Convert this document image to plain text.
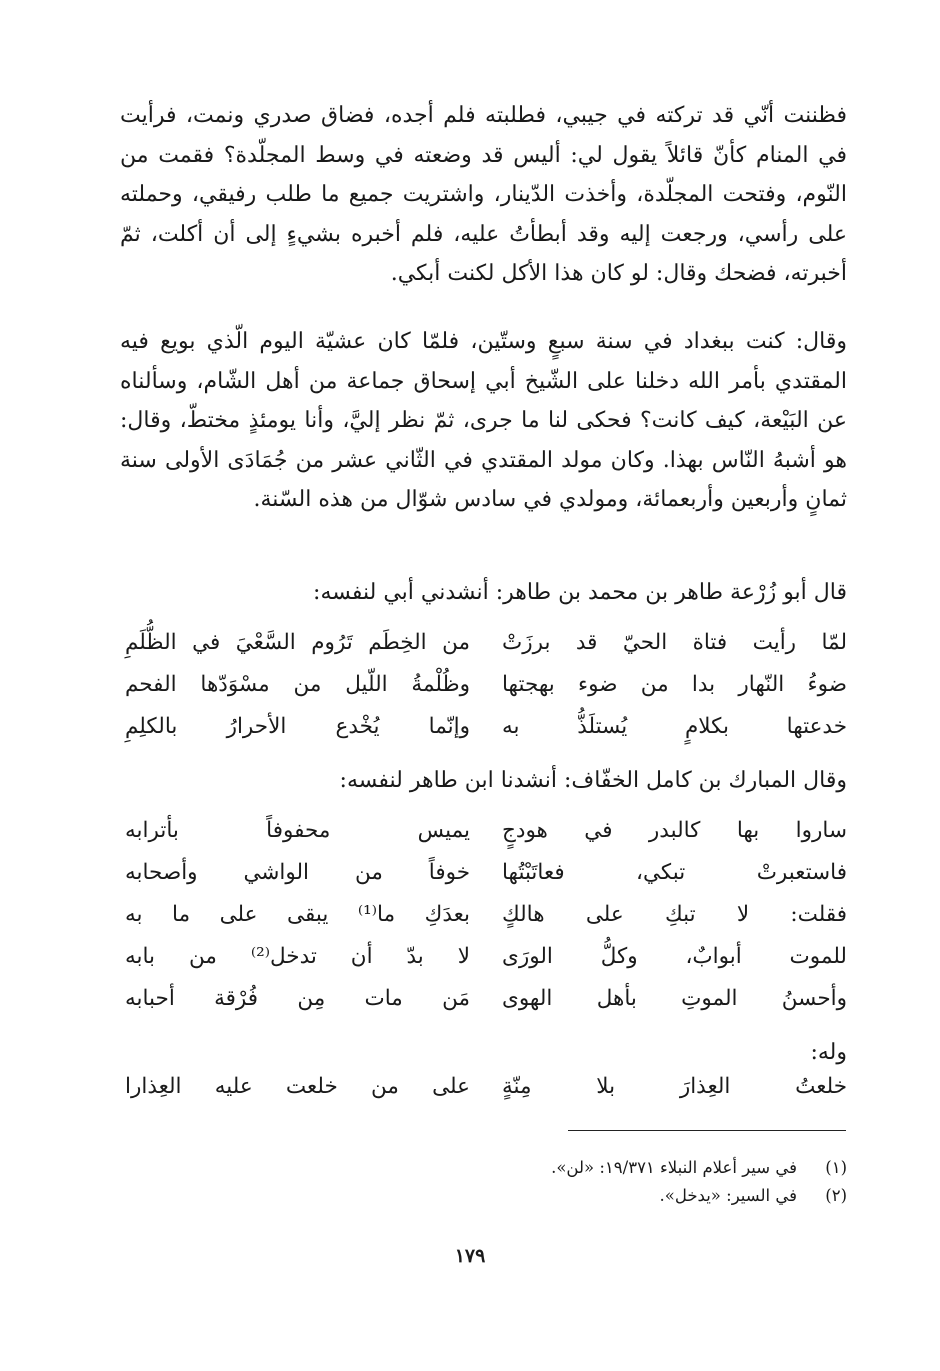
فظننت أنّي قد تركته في جيبي، فطلبته فلم أجده، فضاق صدري ونمت، فرأيت في المنام كأنّ قائلاً يقول لي: أليس قد وضعته في وسط المجلّدة؟ فقمت من النّوم، وفتحت المجلّدة، وأخذت الدّينار، واشتريت جميع ما طلب رفيقي، وحملته على رأسي، ورجعت إليه وقد أبطأتُ عليه، فلم أخبره بشيءٍ إلى أن أكلت، ثمّ أخبرته، فضحك وقال: لو كان هذا الأكل لكنت أبكي.

وقال: كنت ببغداد في سنة سبعٍ وستّين، فلمّا كان عشيّة اليوم الّذي بويع فيه المقتدي بأمر الله دخلنا على الشّيخ أبي إسحاق جماعة من أهل الشّام، وسألناه عن البَيْعة، كيف كانت؟ فحكى لنا ما جرى، ثمّ نظر إليَّ، وأنا يومئذٍ مختطّ، وقال: هو أشبهُ النّاس بهذا. وكان مولد المقتدي في الثّاني عشر من جُمَادَى الأولى سنة ثمانٍ وأربعين وأربعمائة، ومولدي في سادس شوّال من هذه السّنة.

قال أبو زُرْعة طاهر بن محمد بن طاهر: أنشدني أبي لنفسه:
لمّا رأيت فتاة الحيّ قد برزَتْ
من الخِطَم تَرُوم السَّعْيَ في الظُّلَمِ
ضوءُ النّهار بدا من ضوء بهجتها
وظُلْمةُ اللّيل من مسْوَدّها الفحم
خدعتها بكلامٍ يُستلَذُّ به
وإنّما يُخْدع الأحرارُ بالكلِمِ
وقال المبارك بن كامل الخفّاف: أنشدنا ابن طاهر لنفسه:
ساروا بها كالبدر في هودجٍ
يميس محفوفاً بأترابه
فاستعبرتْ تبكي، فعاتَبْتُها
خوفاً من الواشي وأصحابه
فقلت: لا تبكِ على هالكٍ
بعدَكِ ما⁽¹⁾ يبقى على ما به
للموت أبوابٌ، وكلُّ الورَى
لا بدّ أن تدخل⁽²⁾ من بابه
وأحسنُ الموتِ بأهل الهوى
مَن مات مِن فُرْقة أحبابه
وله:
خلعتُ العِذارَ بلا مِنّةٍ
على من خلعت عليه العِذارا
(١)
في سير أعلام النبلاء ١٩/٣٧١: «لن».
(٢)
في السير: «يدخل».
١٧٩
